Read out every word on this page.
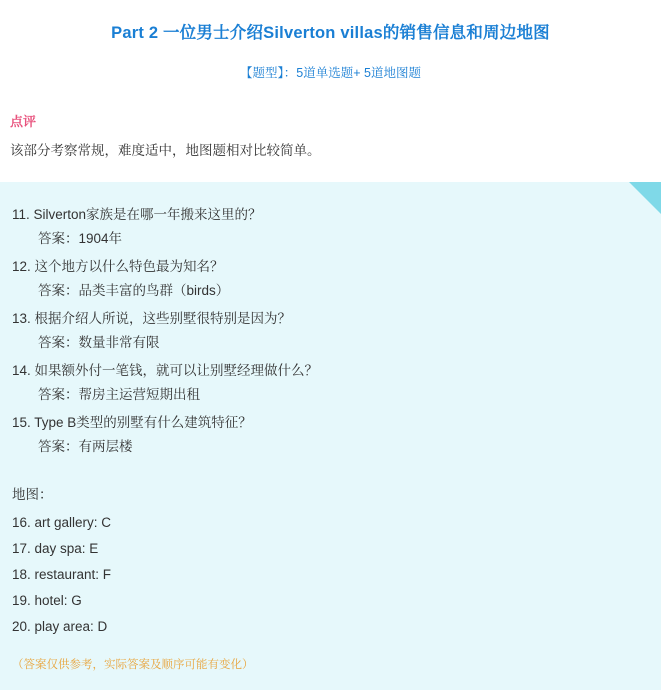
Part 2 一位男士介绍Silverton villas的销售信息和周边地图
【题型】：5道单选题+ 5道地图题
点评
该部分考察常规，难度适中，地图题相对比较简单。
11. Silverton家族是在哪一年搬来这里的？
答案：1904年
12. 这个地方以什么特色最为知名？
答案：品类丰富的鸟群（birds）
13. 根据介绍人所说，这些别墅很特别是因为？
答案：数量非常有限
14. 如果额外付一笔钱，就可以让别墅经理做什么？
答案：帮房主运营短期出租
15. Type B类型的别墅有什么建筑特征？
答案：有两层楼
地图：
16. art gallery: C
17. day spa: E
18. restaurant: F
19. hotel: G
20. play area: D
（答案仅供参考，实际答案及顺序可能有变化）
